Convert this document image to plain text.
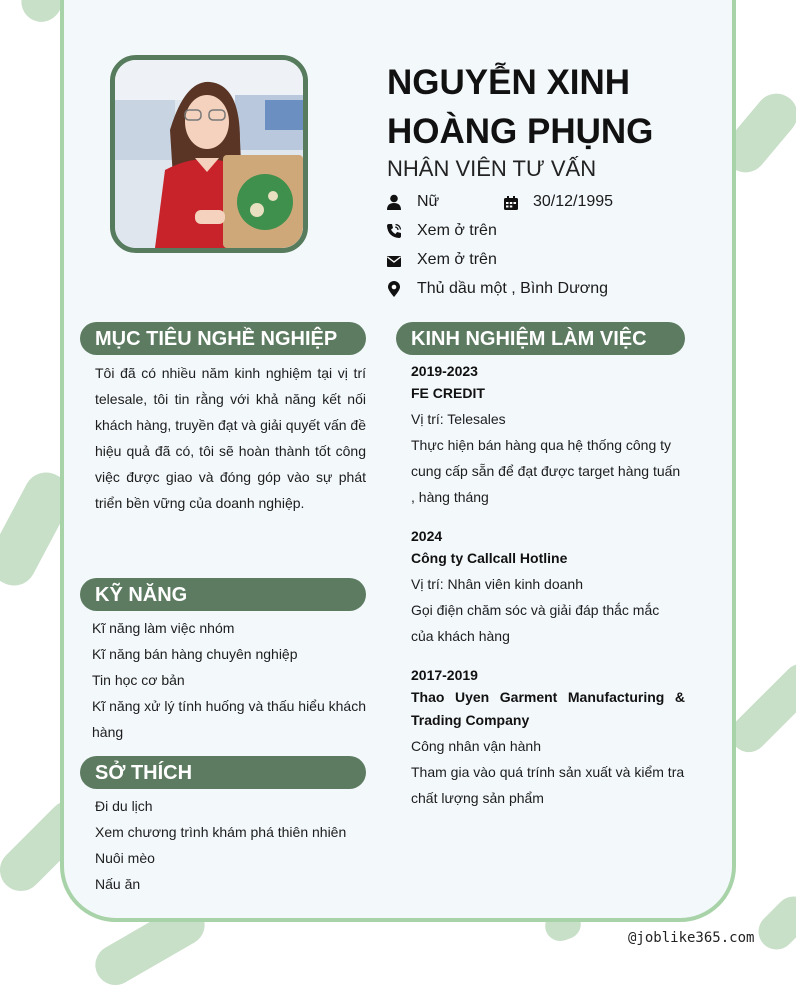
NGUYỄN XINH
HOÀNG PHỤNG
NHÂN VIÊN TƯ VẤN
Nữ	30/12/1995
Xem ở trên
Xem ở trên
Thủ dầu một , Bình Dương
MỤC TIÊU NGHỀ NGHIỆP
Tôi đã có nhiều năm kinh nghiệm tại vị trí telesale, tôi tin rằng với khả năng kết nối khách hàng, truyền đạt và giải quyết vấn đề hiệu quả đã có, tôi sẽ hoàn thành tốt công việc được giao và đóng góp vào sự phát triển bền vững của doanh nghiệp.
KỸ NĂNG
Kĩ năng làm việc nhóm
Kĩ năng bán hàng chuyên nghiệp
Tin học cơ bản
Kĩ năng xử lý tính huống và thấu hiểu khách hàng
SỞ THÍCH
Đi du lịch
Xem chương trình khám phá thiên nhiên
Nuôi mèo
Nấu ăn
KINH NGHIỆM LÀM VIỆC
2019-2023
FE CREDIT
Vị trí: Telesales
Thực hiện bán hàng qua hệ thống công ty cung cấp sẵn để đạt được target hàng tuấn , hàng tháng
2024
Công ty Callcall Hotline
Vị trí: Nhân viên kinh doanh
Gọi điện chăm sóc và giải đáp thắc mắc của khách hàng
2017-2019
Thao Uyen Garment Manufacturing & Trading Company
Công nhân vận hành
Tham gia vào quá trính sản xuất và kiểm tra chất lượng sản phẩm
@joblike365.com
